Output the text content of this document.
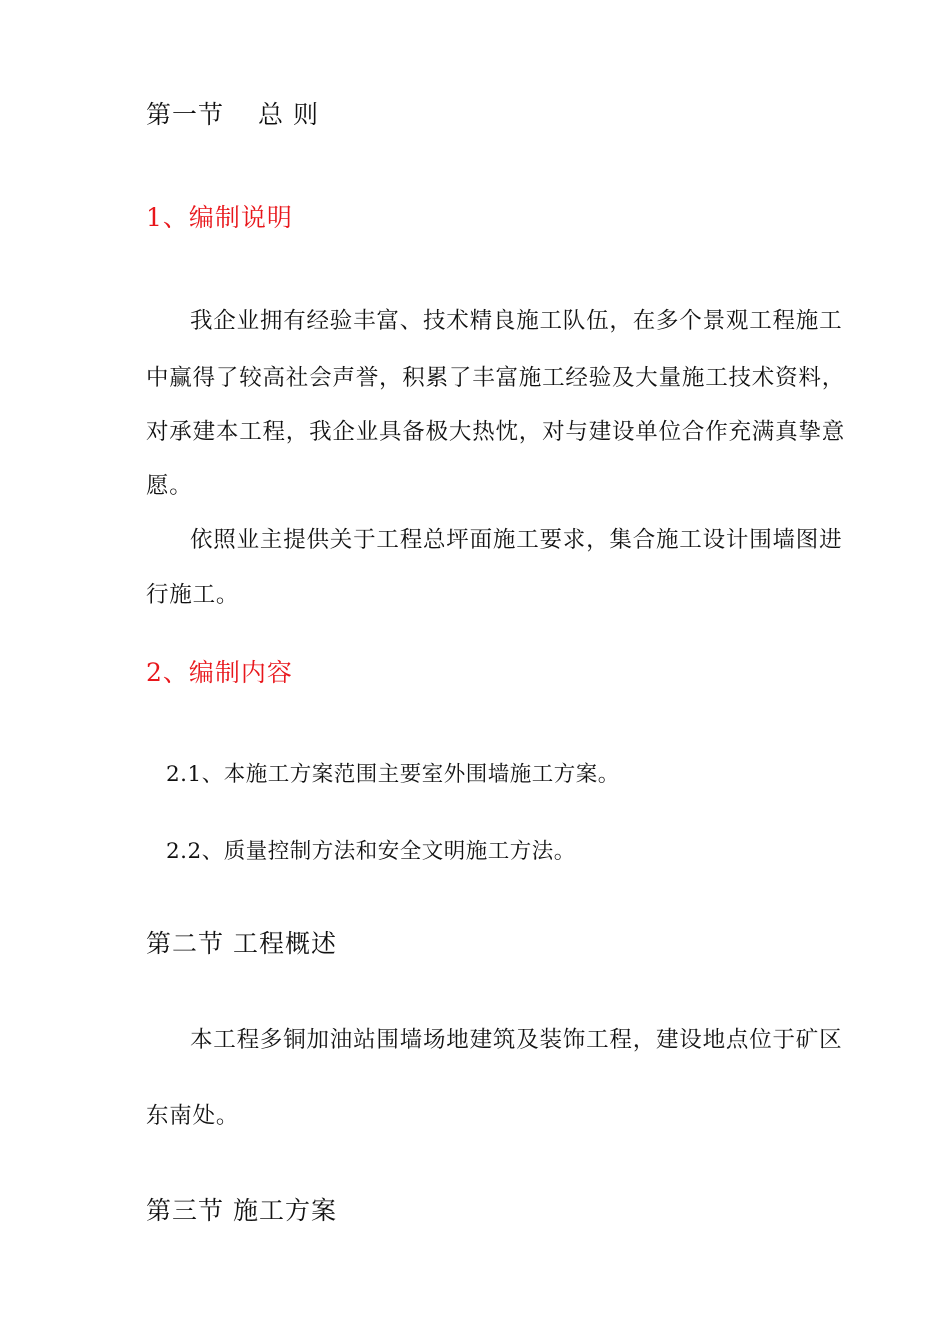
第一节 总 则
1、编制说明
我企业拥有经验丰富、技术精良施工队伍，在多个景观工程施工
中赢得了较高社会声誉，积累了丰富施工经验及大量施工技术资料，
对承建本工程，我企业具备极大热忱，对与建设单位合作充满真挚意
愿。
依照业主提供关于工程总坪面施工要求，集合施工设计围墙图进
行施工。
2、编制内容
2.1、本施工方案范围主要室外围墙施工方案。
2.2、质量控制方法和安全文明施工方法。
第二节 工程概述
本工程多铜加油站围墙场地建筑及装饰工程，建设地点位于矿区
东南处。
第三节 施工方案
